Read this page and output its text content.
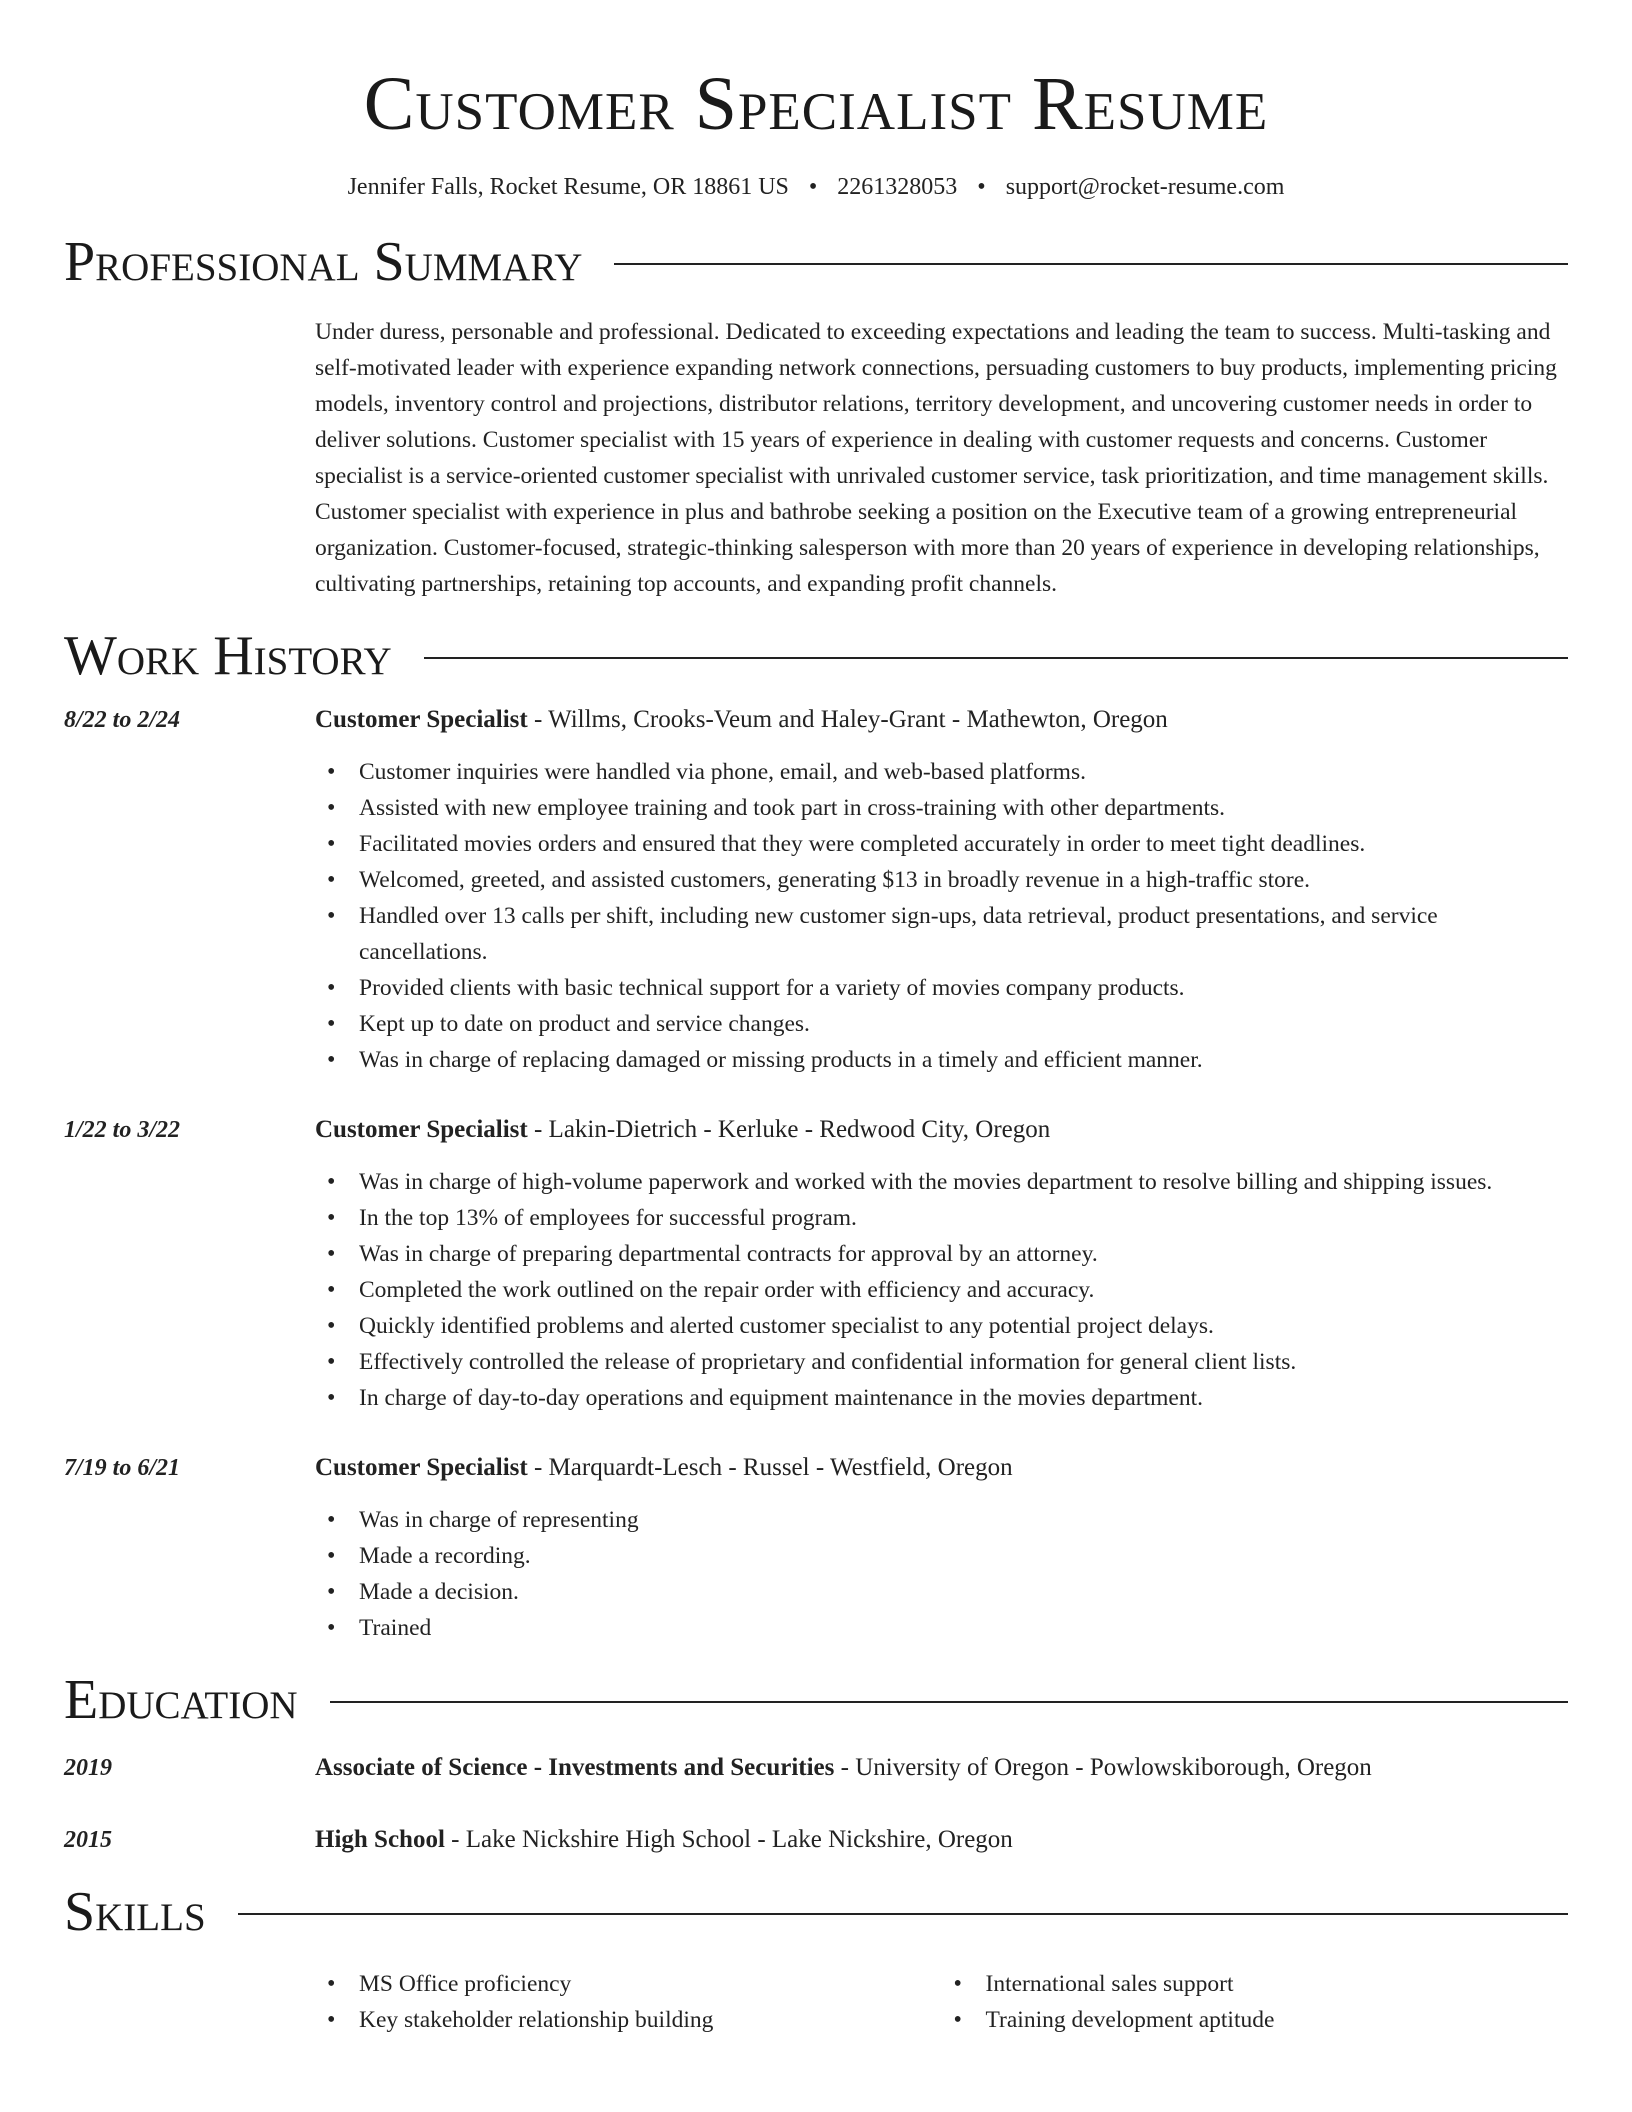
Customer Specialist Resume
Jennifer Falls, Rocket Resume, OR 18861 US • 2261328053 • support@rocket-resume.com
Professional Summary

Under duress, personable and professional. Dedicated to exceeding expectations and leading the team to success. Multi-tasking and self-motivated leader with experience expanding network connections, persuading customers to buy products, implementing pricing models, inventory control and projections, distributor relations, territory development, and uncovering customer needs in order to deliver solutions. Customer specialist with 15 years of experience in dealing with customer requests and concerns. Customer specialist is a service-oriented customer specialist with unrivaled customer service, task prioritization, and time management skills. Customer specialist with experience in plus and bathrobe seeking a position on the Executive team of a growing entrepreneurial organization. Customer-focused, strategic-thinking salesperson with more than 20 years of experience in developing relationships, cultivating partnerships, retaining top accounts, and expanding profit channels.

Work History
8/22 to 2/24	Customer Specialist - Willms, Crooks-Veum and Haley-Grant - Mathewton, Oregon
• Customer inquiries were handled via phone, email, and web-based platforms.
• Assisted with new employee training and took part in cross-training with other departments.
• Facilitated movies orders and ensured that they were completed accurately in order to meet tight deadlines.
• Welcomed, greeted, and assisted customers, generating $13 in broadly revenue in a high-traffic store.
• Handled over 13 calls per shift, including new customer sign-ups, data retrieval, product presentations, and service cancellations.
• Provided clients with basic technical support for a variety of movies company products.
• Kept up to date on product and service changes.
• Was in charge of replacing damaged or missing products in a timely and efficient manner.
1/22 to 3/22	Customer Specialist - Lakin-Dietrich - Kerluke - Redwood City, Oregon
• Was in charge of high-volume paperwork and worked with the movies department to resolve billing and shipping issues.
• In the top 13% of employees for successful program.
• Was in charge of preparing departmental contracts for approval by an attorney.
• Completed the work outlined on the repair order with efficiency and accuracy.
• Quickly identified problems and alerted customer specialist to any potential project delays.
• Effectively controlled the release of proprietary and confidential information for general client lists.
• In charge of day-to-day operations and equipment maintenance in the movies department.
7/19 to 6/21	Customer Specialist - Marquardt-Lesch - Russel - Westfield, Oregon
• Was in charge of representing
• Made a recording.
• Made a decision.
• Trained
Education
2019	Associate of Science - Investments and Securities - University of Oregon - Powlowskiborough, Oregon
2015	High School - Lake Nickshire High School - Lake Nickshire, Oregon
Skills
• MS Office proficiency
• Key stakeholder relationship building
• International sales support
• Training development aptitude
